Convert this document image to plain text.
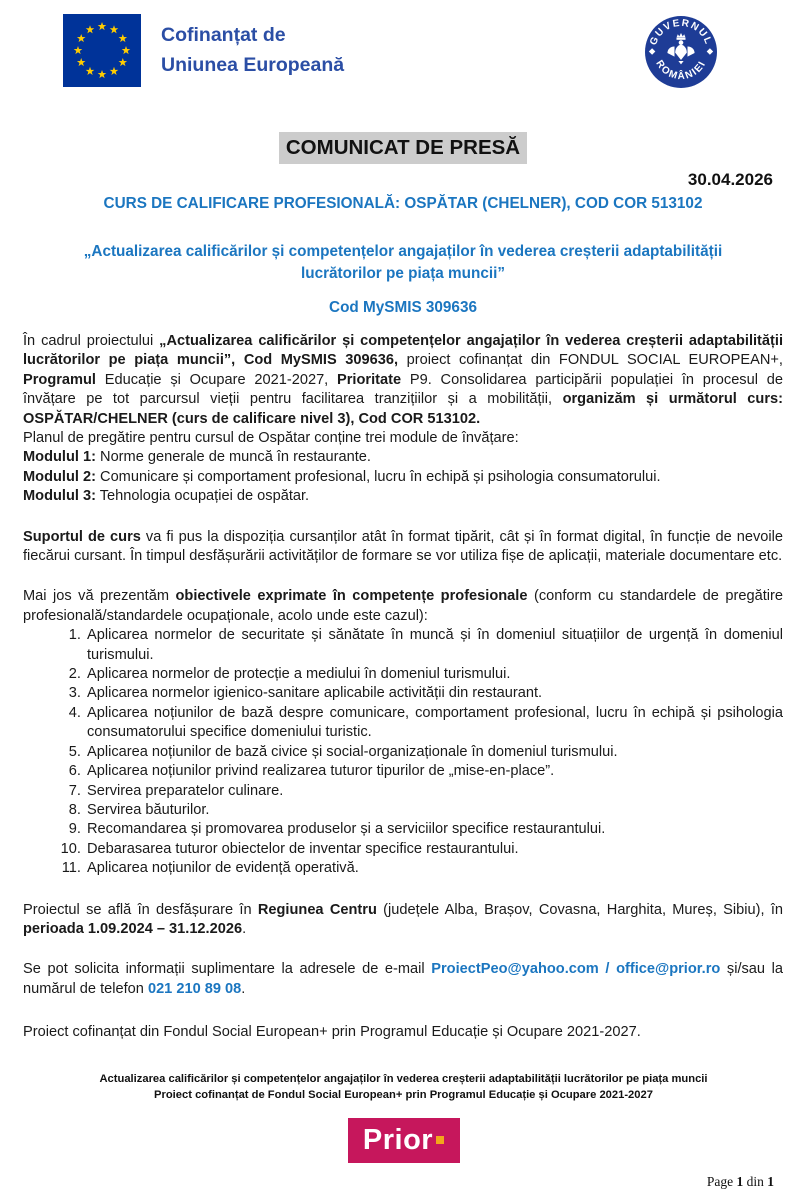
Cofinanțat de
Uniunea Europeană
GUVERNUL
ROMÂNIEI
COMUNICAT DE PRESĂ
30.04.2026
CURS DE CALIFICARE PROFESIONALĂ: OSPĂTAR (CHELNER), COD COR 513102
„Actualizarea calificărilor și competențelor angajaților în vederea creșterii adaptabilității lucrătorilor pe piața muncii”
Cod MySMIS 309636

În cadrul proiectului „Actualizarea calificărilor și competențelor angajaților în vederea creșterii adaptabilității lucrătorilor pe piața muncii”, Cod MySMIS 309636, proiect cofinanțat din FONDUL SOCIAL EUROPEAN+, Programul Educație și Ocupare 2021-2027, Prioritate P9. Consolidarea participării populației în procesul de învățare pe tot parcursul vieții pentru facilitarea tranzițiilor și a mobilității, organizăm și următorul curs: OSPĂTAR/CHELNER (curs de calificare nivel 3), Cod COR 513102.

Planul de pregătire pentru cursul de Ospătar conține trei module de învățare:

Modulul 1: Norme generale de muncă în restaurante.

Modulul 2: Comunicare și comportament profesional, lucru în echipă și psihologia consumatorului.

Modulul 3: Tehnologia ocupației de ospătar.

Suportul de curs va fi pus la dispoziția cursanților atât în format tipărit, cât și în format digital, în funcție de nevoile fiecărui cursant. În timpul desfășurării activităților de formare se vor utiliza fișe de aplicații, materiale documentare etc.

Mai jos vă prezentăm obiectivele exprimate în competențe profesionale (conform cu standardele de pregătire profesională/standardele ocupaționale, acolo unde este cazul):

1. Aplicarea normelor de securitate și sănătate în muncă și în domeniul situațiilor de urgență în domeniul turismului.
2. Aplicarea normelor de protecție a mediului în domeniul turismului.
3. Aplicarea normelor igienico-sanitare aplicabile activității din restaurant.
4. Aplicarea noțiunilor de bază despre comunicare, comportament profesional, lucru în echipă și psihologia consumatorului specifice domeniului turistic.
5. Aplicarea noțiunilor de bază civice și social-organizaționale în domeniul turismului.
6. Aplicarea noțiunilor privind realizarea tuturor tipurilor de „mise-en-place”.
7. Servirea preparatelor culinare.
8. Servirea băuturilor.
9. Recomandarea și promovarea produselor și a serviciilor specifice restaurantului.
10. Debarasarea tuturor obiectelor de inventar specifice restaurantului.
11. Aplicarea noțiunilor de evidență operativă.

Proiectul se află în desfășurare în Regiunea Centru (județele Alba, Brașov, Covasna, Harghita, Mureș, Sibiu), în perioada 1.09.2024 – 31.12.2026.

Se pot solicita informații suplimentare la adresele de e-mail ProiectPeo@yahoo.com / office@prior.ro și/sau la numărul de telefon 021 210 89 08.

Proiect cofinanțat din Fondul Social European+ prin Programul Educație și Ocupare 2021-2027.

Actualizarea calificărilor și competențelor angajaților în vederea creșterii adaptabilității lucrătorilor pe piața muncii
Proiect cofinanțat de Fondul Social European+ prin Programul Educație și Ocupare 2021-2027
Prior
Page 1 din 1
